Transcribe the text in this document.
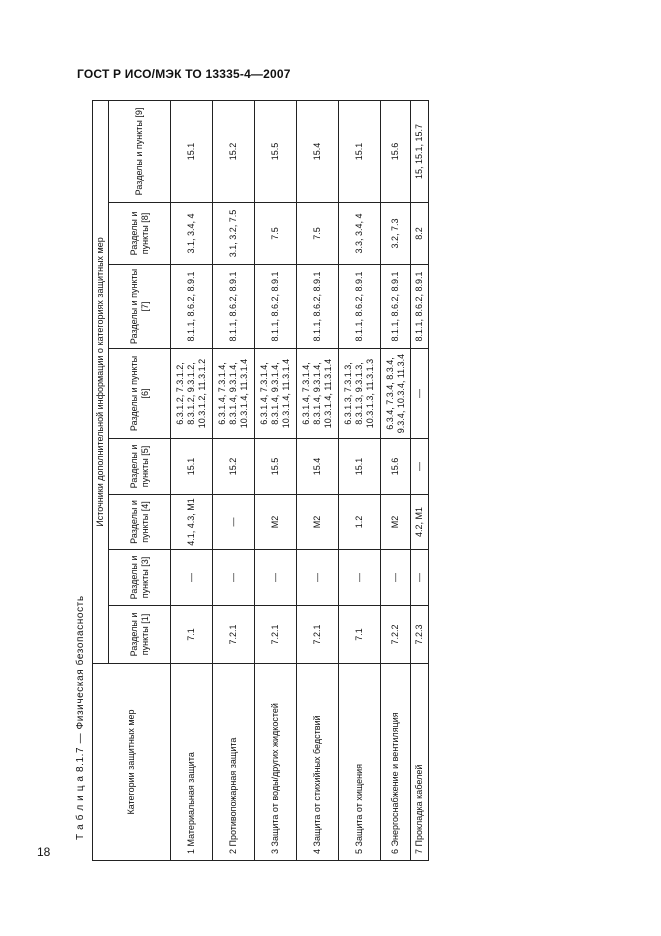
ГОСТ Р ИСО/МЭК ТО 13335-4—2007
Т а б л и ц а 8.1.7 — Физическая безопасность	Категории защитных мер	Источники дополнительной информации о категориях защитных мер							
	Разделы и пункты [1]	Разделы и пункты [3]	Разделы и пункты [4]	Разделы и пункты [5]	Разделы и пункты [6]	Разделы и пункты [7]	Разделы и пункты [8]	Разделы и пункты [9]
1 Материальная защита	7.1	—	4.1, 4.3, М1	15.1	6.3.1.2, 7.3.1.2, 8.3.1.2, 9.3.1.2, 10.3.1.2, 11.3.1.2	8.1.1, 8.6.2, 8.9.1	3.1, 3.4, 4	15.1
2 Противопожарная защита	7.2.1	—	—	15.2	6.3.1.4, 7.3.1.4, 8.3.1.4, 9.3.1.4, 10.3.1.4, 11.3.1.4	8.1.1, 8.6.2, 8.9.1	3.1, 3.2, 7.5	15.2
3 Защита от воды/других жидкостей	7.2.1	—	М2	15.5	6.3.1.4, 7.3.1.4, 8.3.1.4, 9.3.1.4, 10.3.1.4, 11.3.1.4	8.1.1, 8.6.2, 8.9.1	7.5	15.5
4 Защита от стихийных бедствий	7.2.1	—	М2	15.4	6.3.1.4, 7.3.1.4, 8.3.1.4, 9.3.1.4, 10.3.1.4, 11.3.1.4	8.1.1, 8.6.2, 8.9.1	7.5	15.4
5 Защита от хищения	7.1	—	1.2	15.1	6.3.1.3, 7.3.1.3, 8.3.1.3, 9.3.1.3, 10.3.1.3, 11.3.1.3	8.1.1, 8.6.2, 8.9.1	3.3, 3.4, 4	15.1
6 Энергоснабжение и вентиляция	7.2.2	—	М2	15.6	6.3.4, 7.3.4, 8.3.4, 9.3.4, 10.3.4, 11.3.4	8.1.1, 8.6.2, 8.9.1	3.2, 7.3	15.6
7 Прокладка кабелей	7.2.3	—	4.2, М1	—	—	8.1.1, 8.6.2, 8.9.1	8.2	15, 15.1, 15.7
18
